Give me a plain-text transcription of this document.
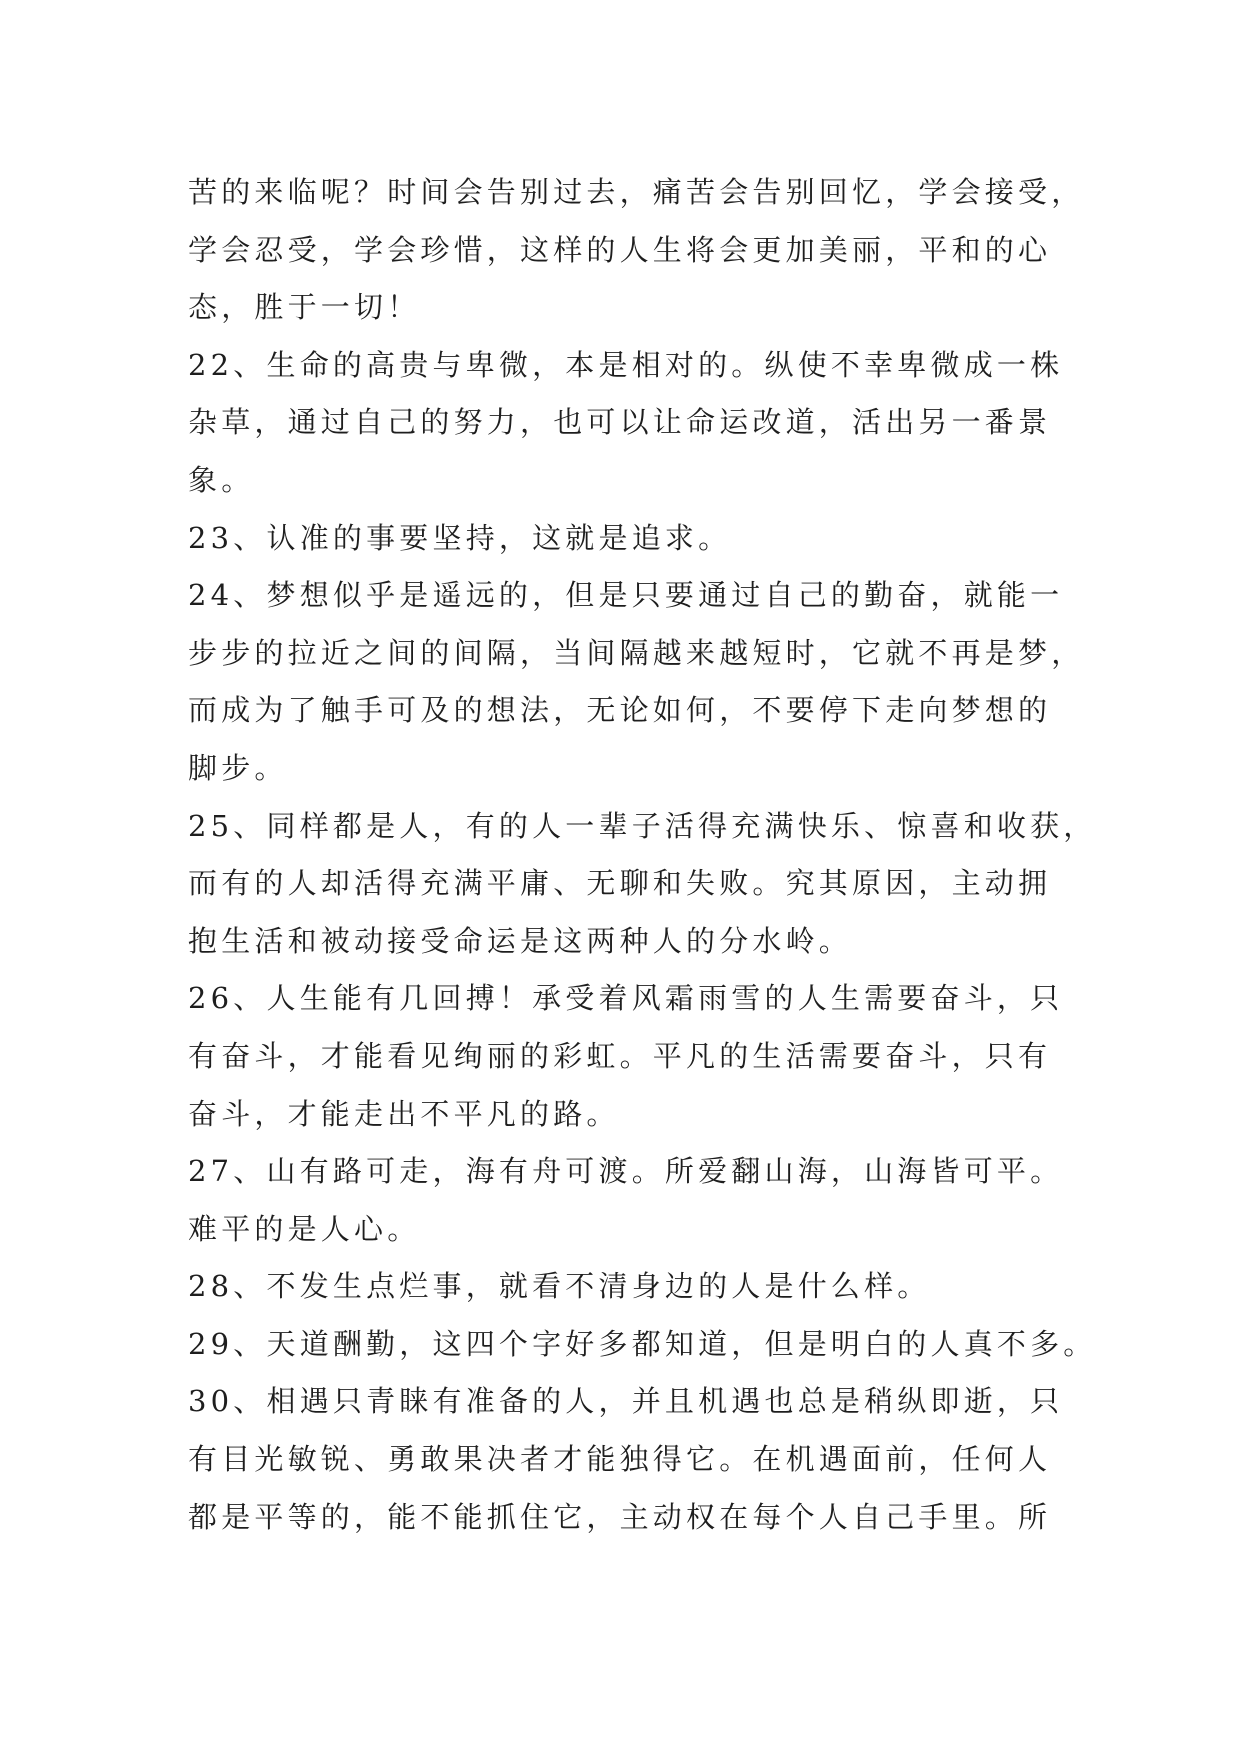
苦的来临呢？时间会告别过去，痛苦会告别回忆，学会接受，
学会忍受，学会珍惜，这样的人生将会更加美丽，平和的心
态，胜于一切！
22、生命的高贵与卑微，本是相对的。纵使不幸卑微成一株
杂草，通过自己的努力，也可以让命运改道，活出另一番景
象。
23、认准的事要坚持，这就是追求。
24、梦想似乎是遥远的，但是只要通过自己的勤奋，就能一
步步的拉近之间的间隔，当间隔越来越短时，它就不再是梦，
而成为了触手可及的想法，无论如何，不要停下走向梦想的
脚步。
25、同样都是人，有的人一辈子活得充满快乐、惊喜和收获，
而有的人却活得充满平庸、无聊和失败。究其原因，主动拥
抱生活和被动接受命运是这两种人的分水岭。
26、人生能有几回搏！承受着风霜雨雪的人生需要奋斗，只
有奋斗，才能看见绚丽的彩虹。平凡的生活需要奋斗，只有
奋斗，才能走出不平凡的路。
27、山有路可走，海有舟可渡。所爱翻山海，山海皆可平。
难平的是人心。
28、不发生点烂事，就看不清身边的人是什么样。
29、天道酬勤，这四个字好多都知道，但是明白的人真不多。
30、相遇只青睐有准备的人，并且机遇也总是稍纵即逝，只
有目光敏锐、勇敢果决者才能独得它。在机遇面前，任何人
都是平等的，能不能抓住它，主动权在每个人自己手里。所
